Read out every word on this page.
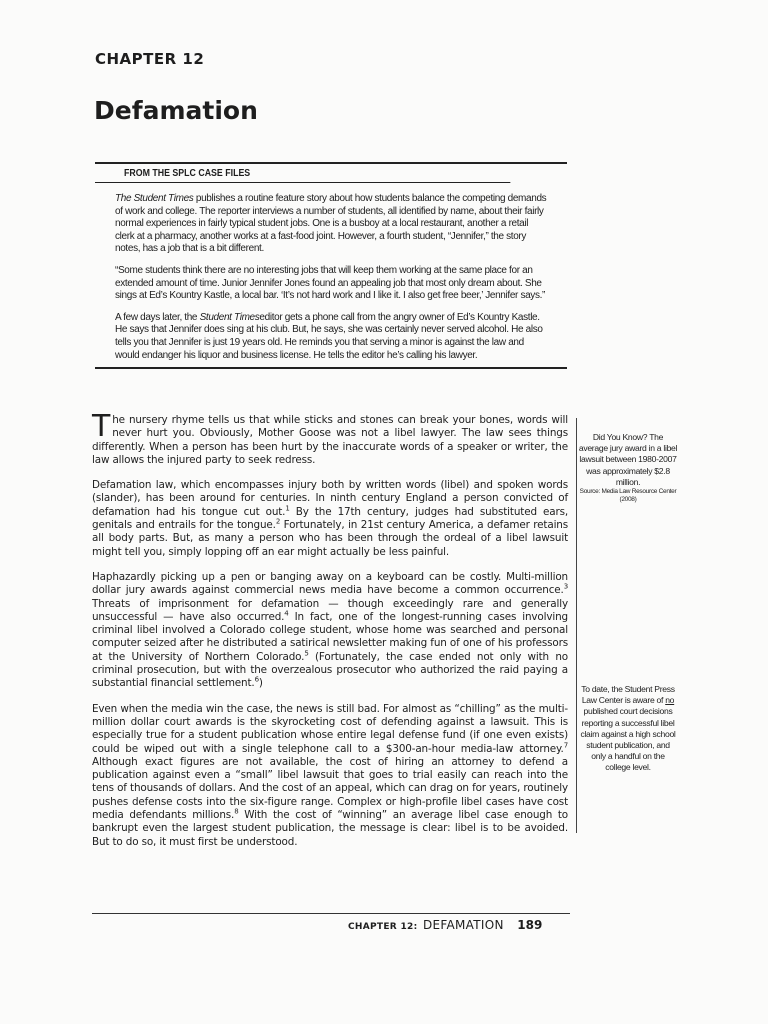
CHAPTER 12
Defamation
FROM THE SPLC CASE FILES

The Student Times publishes a routine feature story about how students balance the competing demands of work and college. The reporter interviews a number of students, all identified by name, about their fairly normal experiences in fairly typical student jobs. One is a busboy at a local restaurant, another a retail clerk at a pharmacy, another works at a fast-food joint. However, a fourth student, “Jennifer,” the story notes, has a job that is a bit different.

“Some students think there are no interesting jobs that will keep them working at the same place for an extended amount of time. Junior Jennifer Jones found an appealing job that most only dream about. She sings at Ed’s Kountry Kastle, a local bar. ‘It’s not hard work and I like it. I also get free beer,’ Jennifer says.”

A few days later, the Student Timeseditor gets a phone call from the angry owner of Ed’s Kountry Kastle. He says that Jennifer does sing at his club. But, he says, she was certainly never served alcohol. He also tells you that Jennifer is just 19 years old. He reminds you that serving a minor is against the law and would endanger his liquor and business license. He tells the editor he’s calling his lawyer.

The nursery rhyme tells us that while sticks and stones can break your bones, words will never hurt you. Obviously, Mother Goose was not a libel lawyer. The law sees things differently. When a person has been hurt by the inaccurate words of a speaker or writer, the law allows the injured party to seek redress.

Defamation law, which encompasses injury both by written words (libel) and spoken words (slander), has been around for centuries. In ninth century England a person convicted of defamation had his tongue cut out.$^1$ By the 17th century, judges had substituted ears, genitals and entrails for the tongue.$^2$ Fortunately, in 21st century America, a defamer retains all body parts. But, as many a person who has been through the ordeal of a libel lawsuit might tell you, simply lopping off an ear might actually be less painful.

Haphazardly picking up a pen or banging away on a keyboard can be costly. Multi-million dollar jury awards against commercial news media have become a common occurrence.$^3$ Threats of imprisonment for defamation — though exceedingly rare and generally unsuccessful — have also occurred.$^4$ In fact, one of the longest-running cases involving criminal libel involved a Colorado college student, whose home was searched and personal computer seized after he distributed a satirical newsletter making fun of one of his professors at the University of Northern Colorado.$^5$ (Fortunately, the case ended not only with no criminal prosecution, but with the overzealous prosecutor who authorized the raid paying a substantial financial settlement.$^6$)

Even when the media win the case, the news is still bad. For almost as “chilling” as the multi-million dollar court awards is the skyrocketing cost of defending against a lawsuit. This is especially true for a student publication whose entire legal defense fund (if one even exists) could be wiped out with a single telephone call to a $300-an-hour media-law attorney.$^7$ Although exact figures are not available, the cost of hiring an attorney to defend a publication against even a “small” libel lawsuit that goes to trial easily can reach into the tens of thousands of dollars. And the cost of an appeal, which can drag on for years, routinely pushes defense costs into the six-figure range. Complex or high-profile libel cases have cost media defendants millions.$^8$ With the cost of “winning” an average libel case enough to bankrupt even the largest student publication, the message is clear: libel is to be avoided. But to do so, it must first be understood.

Did You Know? The average jury award in a libel lawsuit between 1980-2007 was approximately $2.8 million.
Source: Media Law Resource Center (2008)
To date, the Student Press Law Center is aware of no published court decisions reporting a successful libel claim against a high school student publication, and only a handful on the college level.
CHAPTER 12: DEFAMATION 189
